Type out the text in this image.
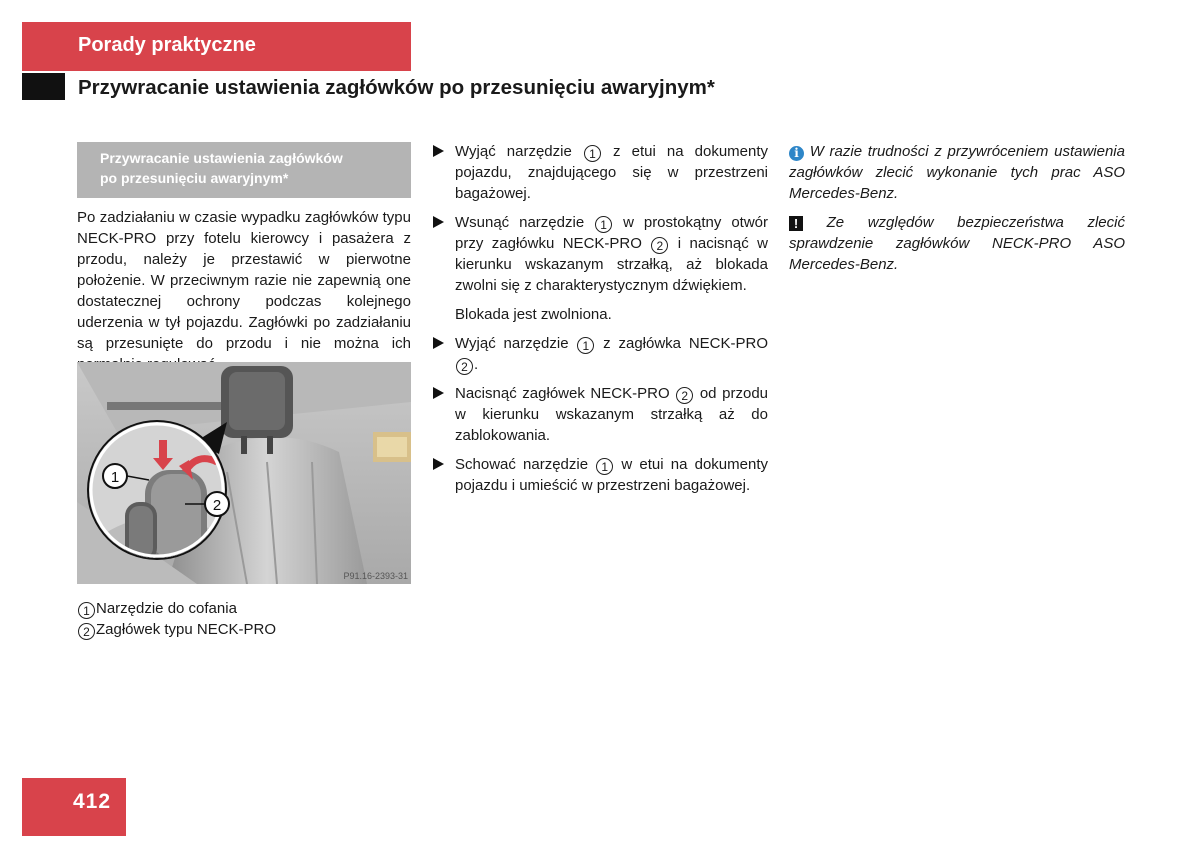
Porady praktyczne
Przywracanie ustawienia zagłówków po przesunięciu awaryjnym*
Przywracanie ustawienia zagłówków
po przesunięciu awaryjnym*

Po zadziałaniu w czasie wypadku zagłówków typu NECK-PRO przy fotelu kierowcy i pasażera z przodu, należy je przestawić w pierwotne położenie. W przeciwnym razie nie zapewnią one dostatecznej ochrony podczas kolejnego uderzenia w tył pojazdu. Zagłówki po zadziałaniu są przesunięte do przodu i nie można ich

1
2
P91.16-2393-31
1 Narzędzie do cofania
2 Zagłówek typu NECK-PRO
Wyjąć narzędzie 1 z etui na dokumenty pojazdu, znajdującego się w przestrzeni bagażowej.
Wsunąć narzędzie 1 w prostokątny otwór przy zagłówku NECK-PRO 2 i nacisnąć w kierunku wskazanym strzałką, aż blokada zwolni się z charakterystycznym dźwiękiem.
Blokada jest zwolniona.
Wyjąć narzędzie 1 z zagłówka NECK-PRO 2 .
Nacisnąć zagłówek NECK-PRO 2 od przodu w kierunku wskazanym strzałką aż do zablokowania.
Schować narzędzie 1 w etui na dokumenty pojazdu i umieścić w przestrzeni bagażowej.
i W razie trudności z przywróceniem ustawienia zagłówków zlecić wykonanie tych prac ASO Mercedes-Benz.
! Ze względów bezpieczeństwa zlecić sprawdzenie zagłówków NECK-PRO ASO Mercedes-Benz.
412
